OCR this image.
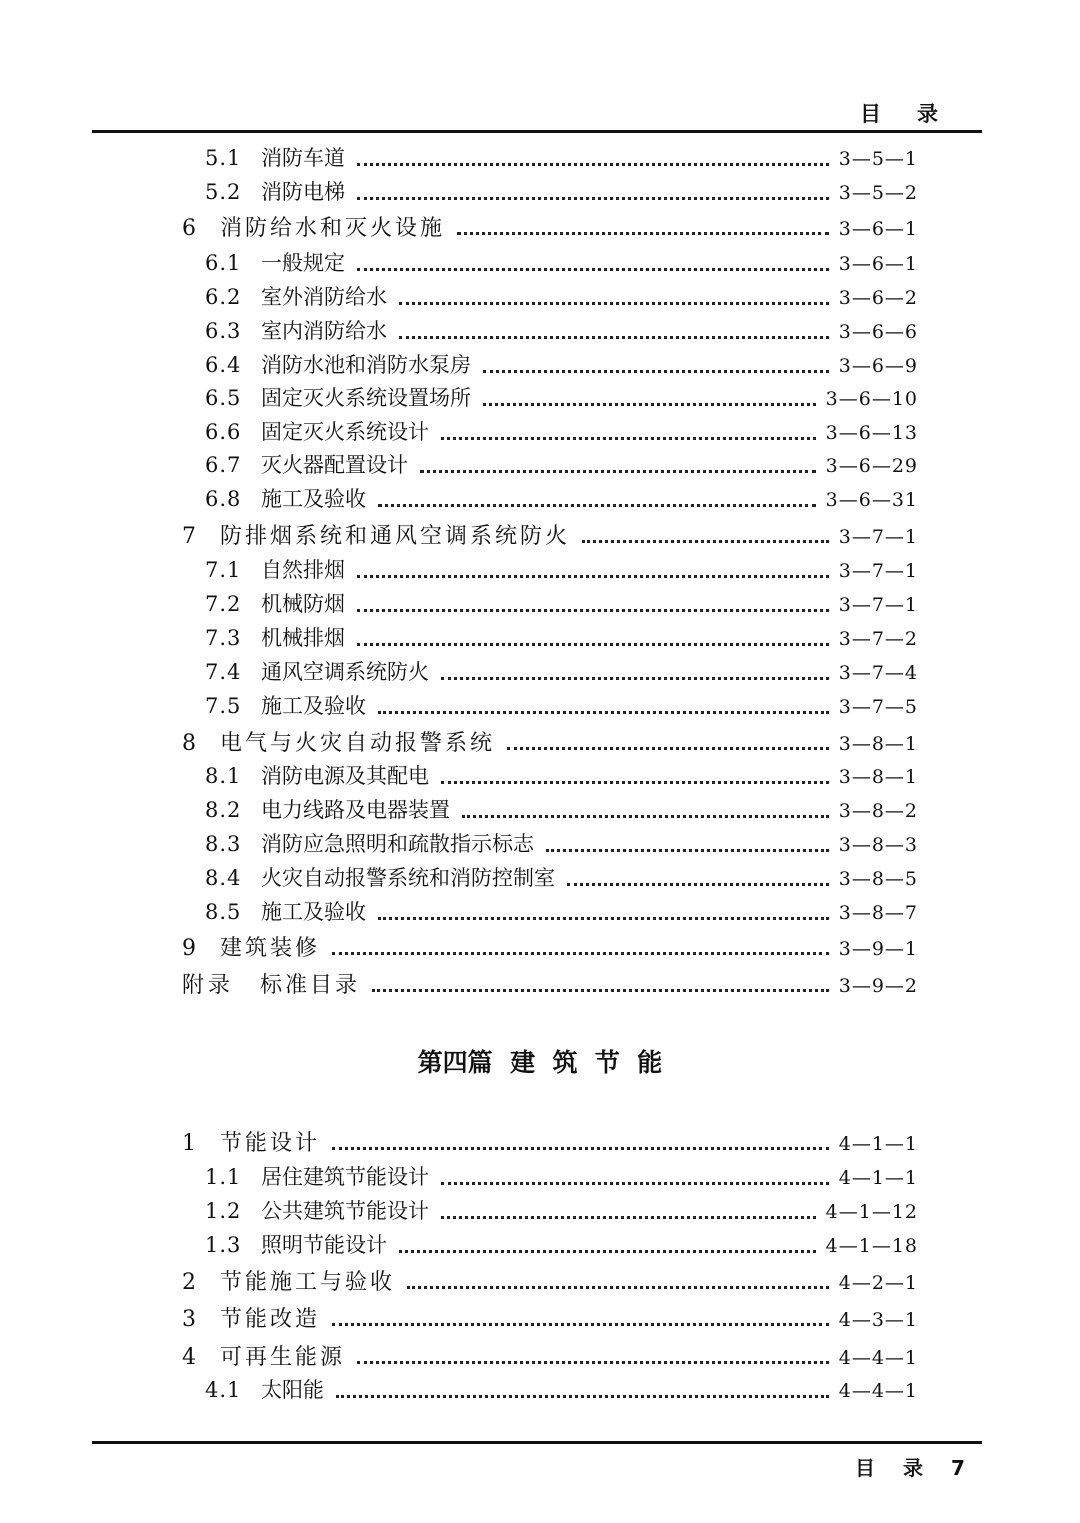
目录
5.1 消防车道	3—5—1
5.2 消防电梯	3—5—2
6	消防给水和灭火设施	3—6—1
6.1 一般规定	3—6—1
6.2 室外消防给水	3—6—2
6.3 室内消防给水	3—6—6
6.4 消防水池和消防水泵房	3—6—9
6.5 固定灭火系统设置场所	3—6—10
6.6 固定灭火系统设计	3—6—13
6.7 灭火器配置设计	3—6—29
6.8 施工及验收	3—6—31
7	防排烟系统和通风空调系统防火	3—7—1
7.1 自然排烟	3—7—1
7.2 机械防烟	3—7—1
7.3 机械排烟	3—7—2
7.4 通风空调系统防火	3—7—4
7.5 施工及验收	3—7—5
8	电气与火灾自动报警系统	3—8—1
8.1 消防电源及其配电	3—8—1
8.2 电力线路及电器装置	3—8—2
8.3 消防应急照明和疏散指示标志	3—8—3
8.4 火灾自动报警系统和消防控制室	3—8—5
8.5 施工及验收	3—8—7
9	建筑装修	3—9—1
附录	标准目录	3—9—2
第四篇  建  筑  节  能
1	节能设计	4—1—1
1.1 居住建筑节能设计	4—1—1
1.2 公共建筑节能设计	4—1—12
1.3 照明节能设计	4—1—18
2	节能施工与验收	4—2—1
3	节能改造	4—3—1
4	可再生能源	4—4—1
4.1 太阳能	4—4—1
目录7
